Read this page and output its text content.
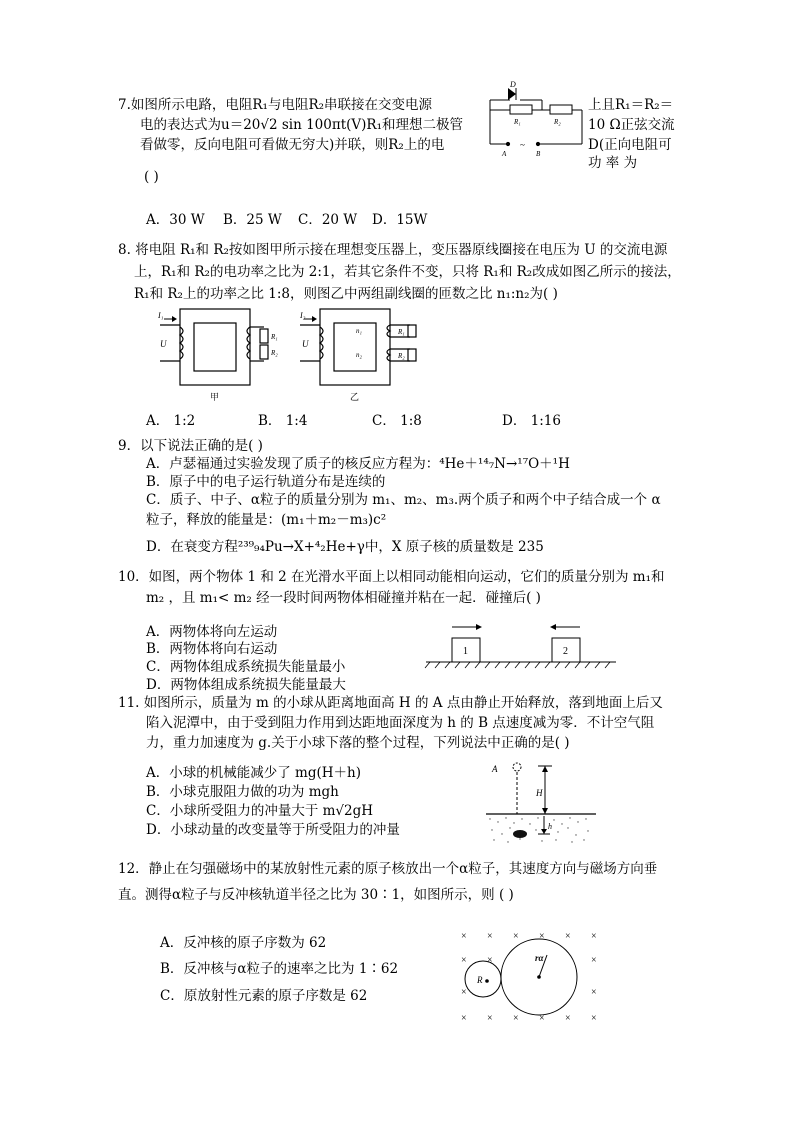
7.如图所示电路，电阻R₁与电阻R₂串联接在交变电源	上且R₁＝R₂＝
电的表达式为u＝20√2 sin 100πt(V)R₁和理想二极管	10 Ω正弦交流
看做零，反向电阻可看做无穷大)并联，则R₂上的电	D(正向电阻可
功 率 为
( )
D
R₁	R₂
A	B
~
A．30 W B．25 W C．20 W D．15W
8. 将电阻 R₁和 R₂按如图甲所示接在理想变压器上，变压器原线圈接在电压为 U 的交流电源
上，R₁和 R₂的电功率之比为 2:1，若其它条件不变，只将 R₁和 R₂改成如图乙所示的接法，
R₁和 R₂上的功率之比 1:8，则图乙中两组副线圈的匝数之比 n₁:n₂为( )
I₁
U
R₁
R₂
甲
I₂
U
n₁
n₂
R₁
R₂
乙
A． 1:2	B． 1:4	C． 1:8	D． 1:16
9．以下说法正确的是( )
A．卢瑟福通过实验发现了质子的核反应方程为：⁴He＋¹⁴₇N→¹⁷O＋¹H
B．原子中的电子运行轨道分布是连续的
C．质子、中子、α粒子的质量分别为 m₁、m₂、m₃.两个质子和两个中子结合成一个 α
粒子，释放的能量是：(m₁＋m₂－m₃)c²
D．在衰变方程²³⁹₉₄Pu→X+⁴₂He+γ中，X 原子核的质量数是 235
10．如图，两个物体 1 和 2 在光滑水平面上以相同动能相向运动，它们的质量分别为 m₁和
m₂ ，且 m₁< m₂ 经一段时间两物体相碰撞并粘在一起．碰撞后( )
A．两物体将向左运动
B．两物体将向右运动
C．两物体组成系统损失能量最小
D．两物体组成系统损失能量最大
1	2
11. 如图所示，质量为 m 的小球从距离地面高 H 的 A 点由静止开始释放，落到地面上后又
陷入泥潭中，由于受到阻力作用到达距地面深度为 h 的 B 点速度减为零．不计空气阻
力，重力加速度为 g.关于小球下落的整个过程，下列说法中正确的是( )
A．小球的机械能减少了 mg(H＋h)
B．小球克服阻力做的功为 mgh
C．小球所受阻力的冲量大于 m√2gH
D．小球动量的改变量等于所受阻力的冲量
A
H
h
12．静止在匀强磁场中的某放射性元素的原子核放出一个α粒子，其速度方向与磁场方向垂
直。测得α粒子与反冲核轨道半径之比为 30∶1，如图所示，则 ( )
A．反冲核的原子序数为 62
B．反冲核与α粒子的速率之比为 1∶62
C．原放射性元素的原子序数是 62
× × × × × ×
× ×	×
×	×
× × × × × ×
rα
R
